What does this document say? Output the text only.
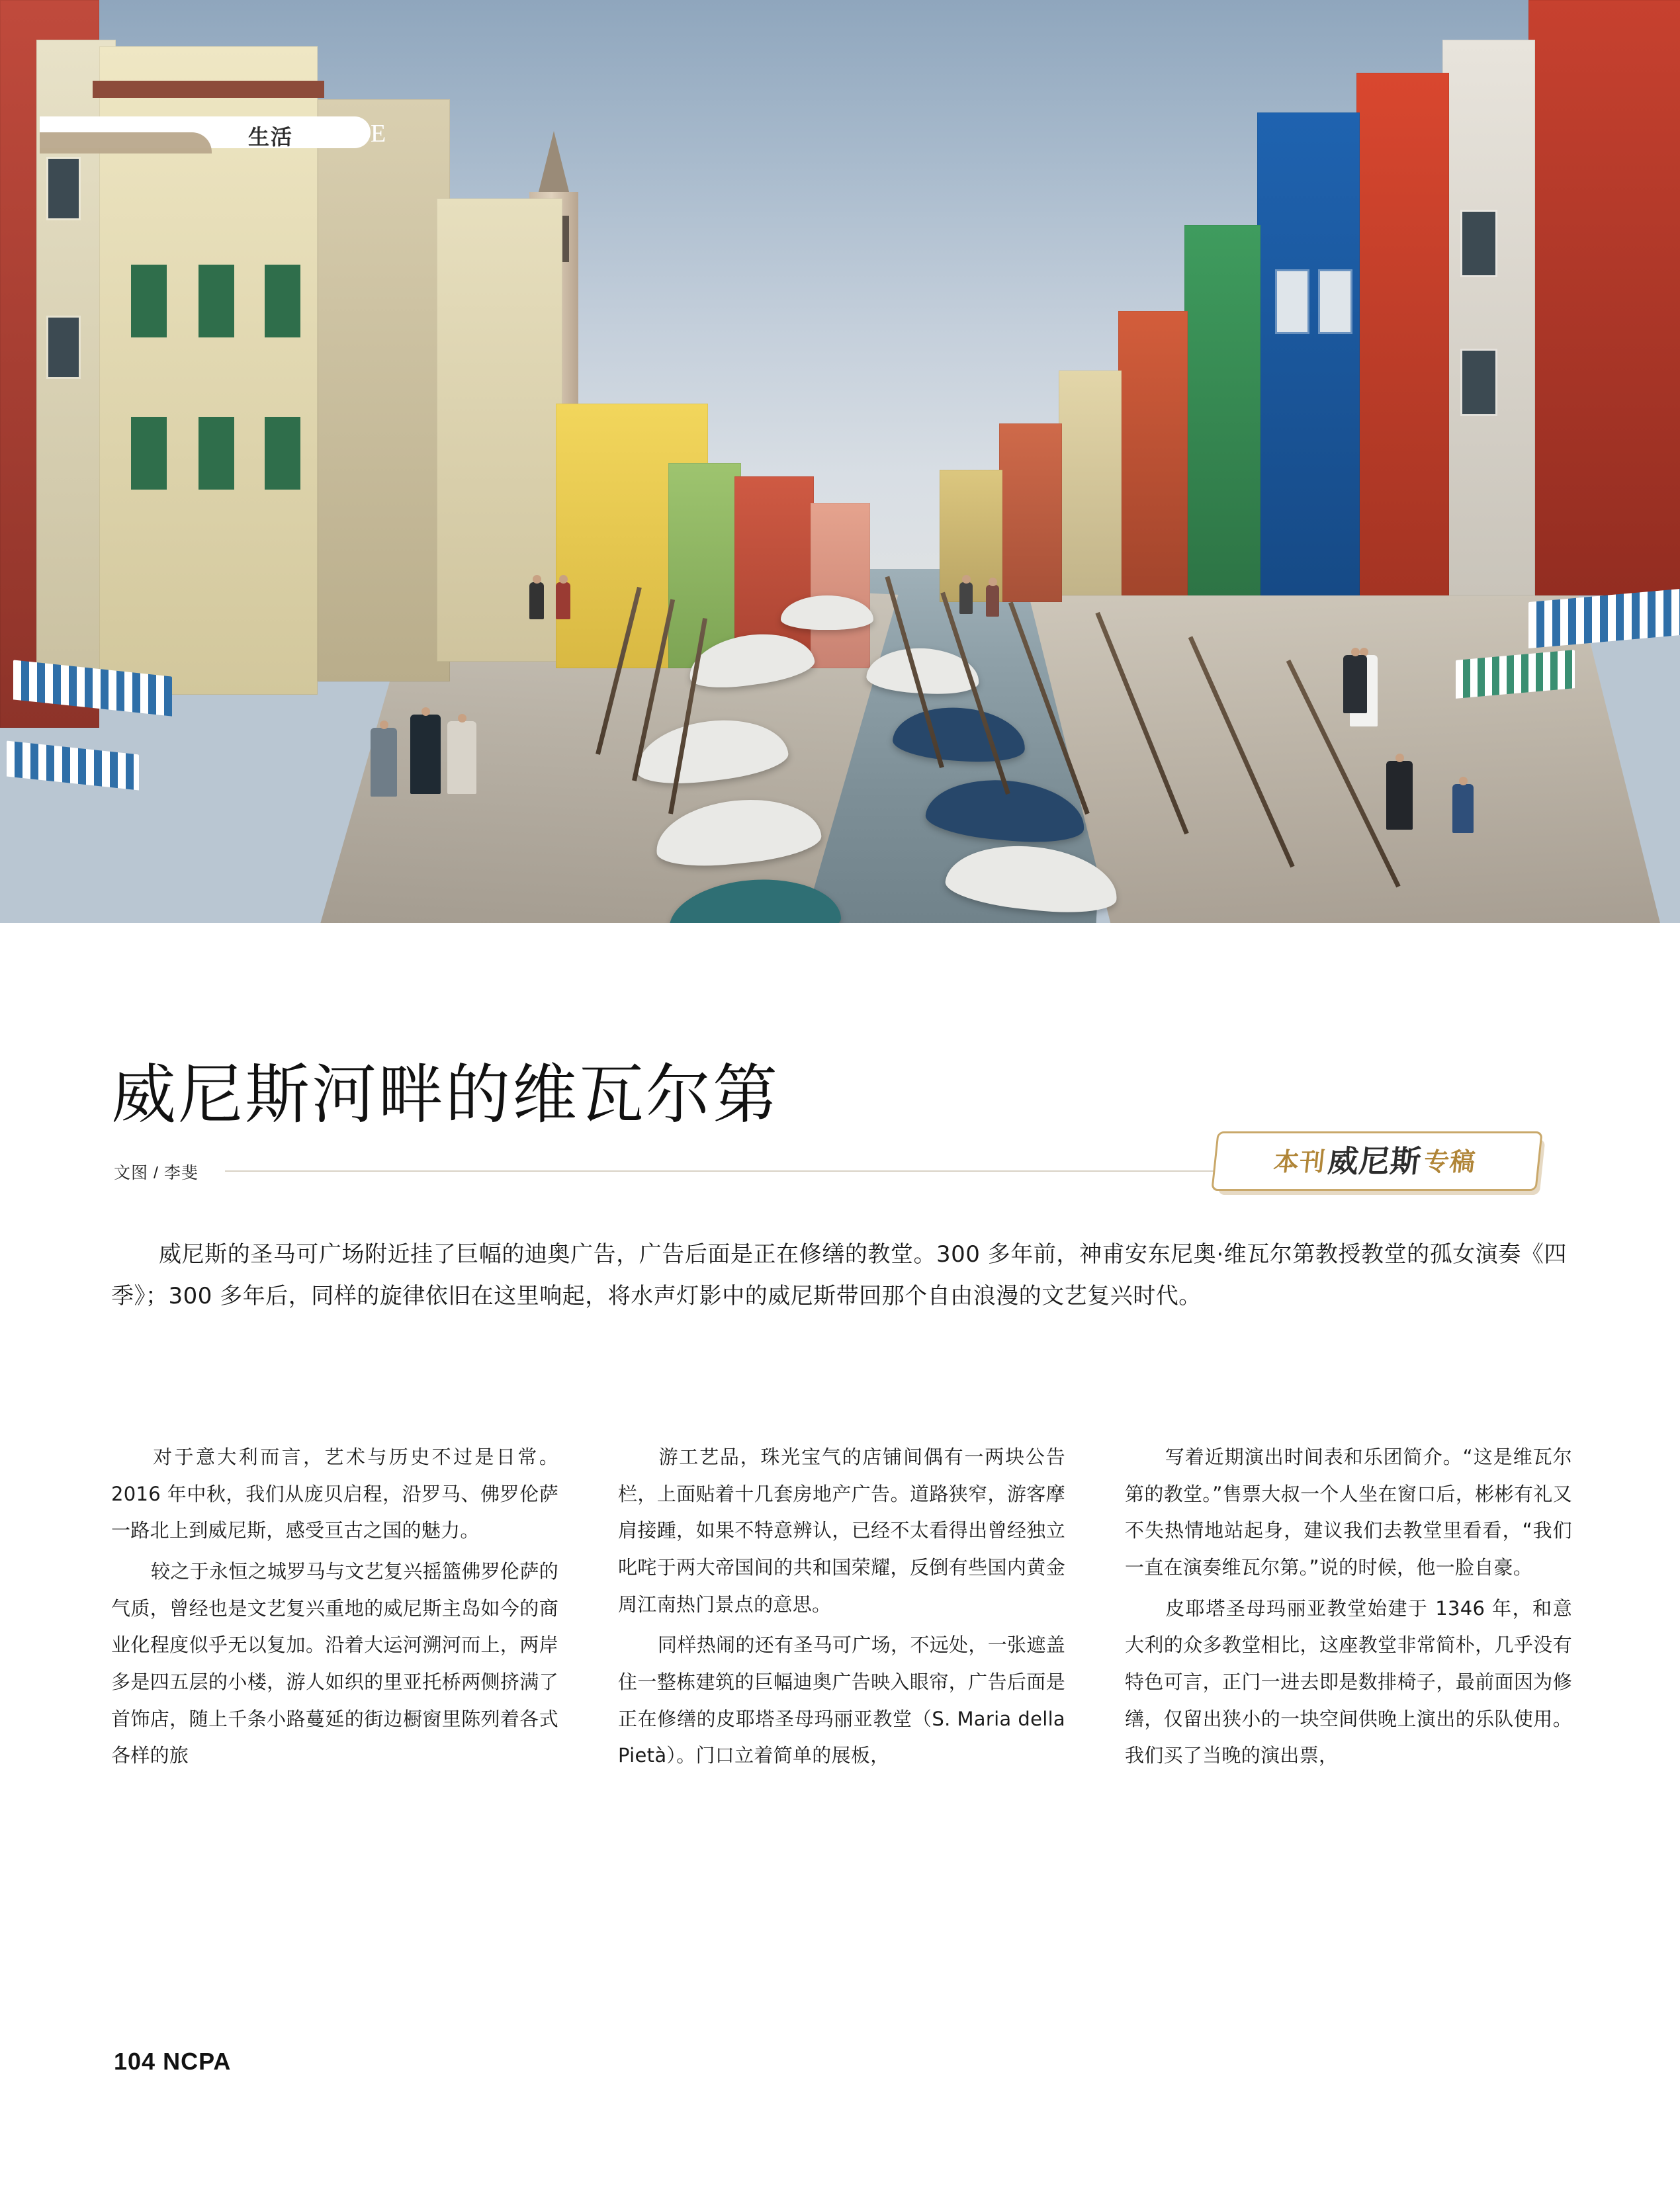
生活 LIFE
威尼斯河畔的维瓦尔第
文图 / 李斐	本刊 威尼斯
专稿
威尼斯的圣马可广场附近挂了巨幅的迪奥广告，广告后面是正在修缮的教堂。300 多年前，神甫安东尼奥·维瓦尔第教授教堂的孤女演奏《四季》；300 多年后，同样的旋律依旧在这里响起，将水声灯影中的威尼斯带回那个自由浪漫的文艺复兴时代。

对于意大利而言，艺术与历史不过是日常。2016 年中秋，我们从庞贝启程，沿罗马、佛罗伦萨一路北上到威尼斯，感受亘古之国的魅力。

较之于永恒之城罗马与文艺复兴摇篮佛罗伦萨的气质，曾经也是文艺复兴重地的威尼斯主岛如今的商业化程度似乎无以复加。沿着大运河溯河而上，两岸多是四五层的小楼，游人如织的里亚托桥两侧挤满了首饰店，随上千条小路蔓延的街边橱窗里陈列着各式各样的旅

游工艺品，珠光宝气的店铺间偶有一两块公告栏，上面贴着十几套房地产广告。道路狭窄，游客摩肩接踵，如果不特意辨认，已经不太看得出曾经独立叱咤于两大帝国间的共和国荣耀，反倒有些国内黄金周江南热门景点的意思。

同样热闹的还有圣马可广场，不远处，一张遮盖住一整栋建筑的巨幅迪奥广告映入眼帘，广告后面是正在修缮的皮耶塔圣母玛丽亚教堂（S. Maria della Pietà）。门口立着简单的展板，

写着近期演出时间表和乐团简介。“这是维瓦尔第的教堂。”售票大叔一个人坐在窗口后，彬彬有礼又不失热情地站起身，建议我们去教堂里看看，“我们一直在演奏维瓦尔第。”说的时候，他一脸自豪。

皮耶塔圣母玛丽亚教堂始建于 1346 年，和意大利的众多教堂相比，这座教堂非常简朴，几乎没有特色可言，正门一进去即是数排椅子，最前面因为修缮，仅留出狭小的一块空间供晚上演出的乐队使用。我们买了当晚的演出票，

104 NCPA
